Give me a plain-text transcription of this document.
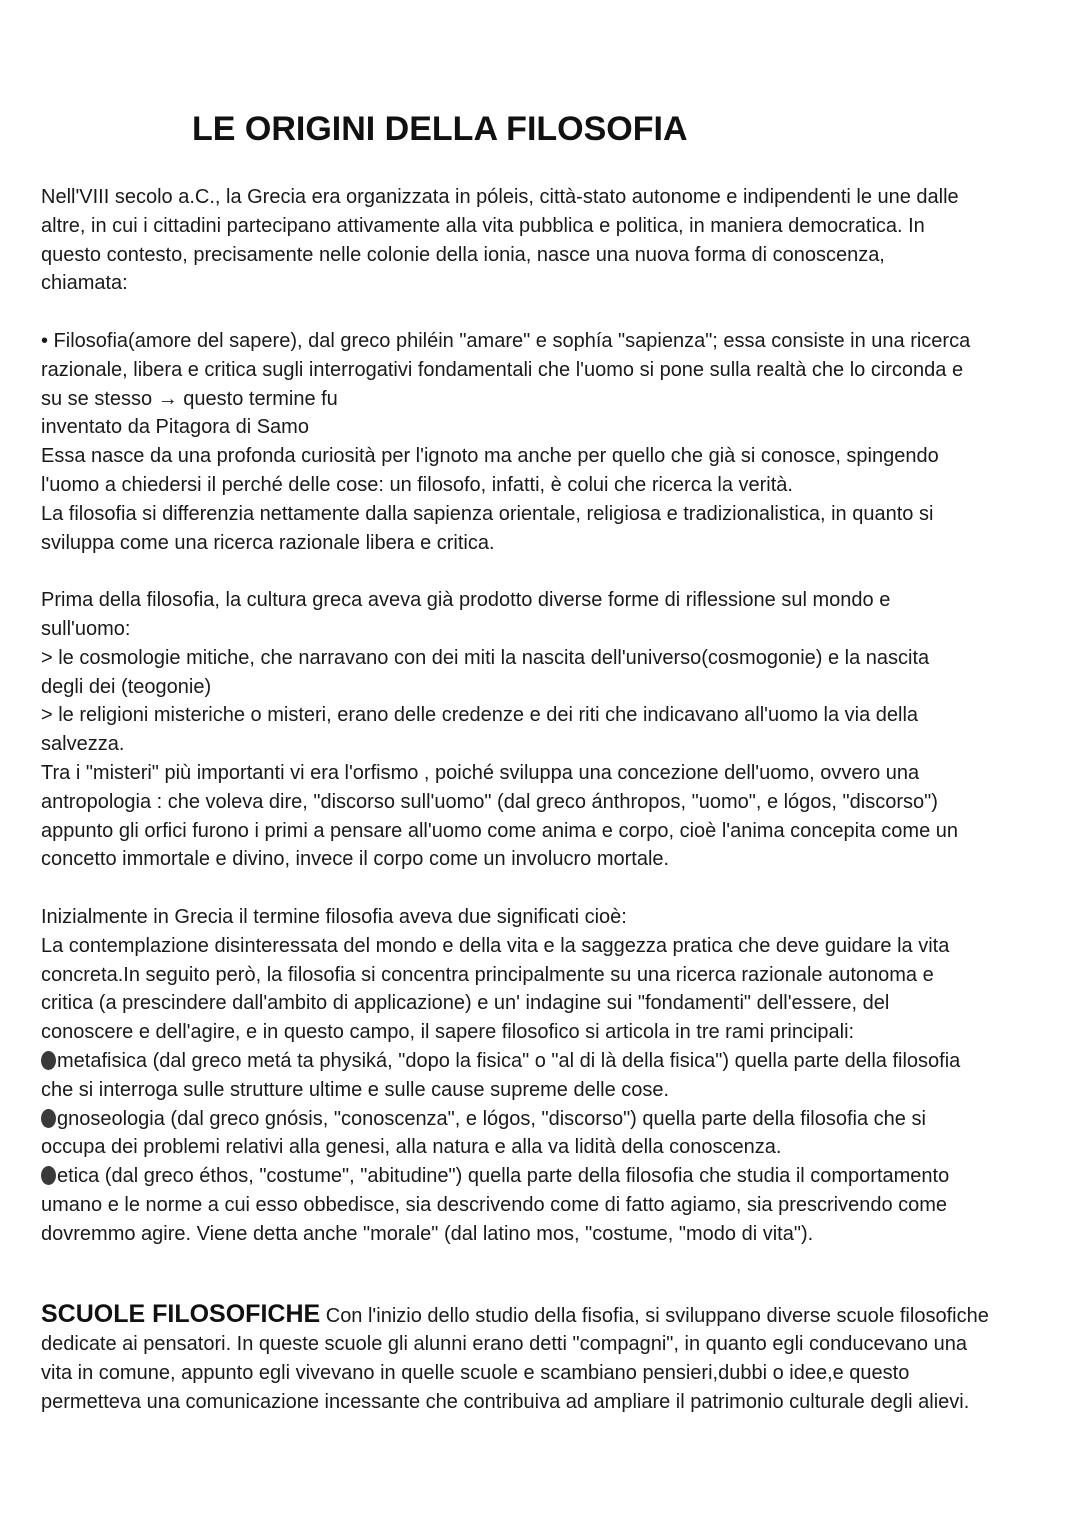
LE ORIGINI DELLA FILOSOFIA
Nell'VIII secolo a.C., la Grecia era organizzata in póleis, città-stato autonome e indipendenti le une dalle
altre, in cui i cittadini partecipano attivamente alla vita pubblica e politica, in maniera democratica. In
questo contesto, precisamente nelle colonie della ionia, nasce una nuova forma di conoscenza,
chiamata:
• Filosofia(amore del sapere), dal greco philéin "amare" e sophía "sapienza"; essa consiste in una ricerca
razionale, libera e critica sugli interrogativi fondamentali che l'uomo si pone sulla realtà che lo circonda e
su se stesso → questo termine fu
inventato da Pitagora di Samo
Essa nasce da una profonda curiosità per l'ignoto ma anche per quello che già si conosce, spingendo
l'uomo a chiedersi il perché delle cose: un filosofo, infatti, è colui che ricerca la verità.
La filosofia si differenzia nettamente dalla sapienza orientale, religiosa e tradizionalistica, in quanto si
sviluppa come una ricerca razionale libera e critica.
Prima della filosofia, la cultura greca aveva già prodotto diverse forme di riflessione sul mondo e
sull'uomo:
> le cosmologie mitiche, che narravano con dei miti la nascita dell'universo(cosmogonie) e la nascita
degli dei (teogonie)
> le religioni misteriche o misteri, erano delle credenze e dei riti che indicavano all'uomo la via della
salvezza.
Tra i "misteri" più importanti vi era l'orfismo , poiché sviluppa una concezione dell'uomo, ovvero una
antropologia : che voleva dire, "discorso sull'uomo" (dal greco ánthropos, "uomo", e lógos, "discorso")
appunto gli orfici furono i primi a pensare all'uomo come anima e corpo, cioè l'anima concepita come un
concetto immortale e divino, invece il corpo come un involucro mortale.
Inizialmente in Grecia il termine filosofia aveva due significati cioè:
La contemplazione disinteressata del mondo e della vita e la saggezza pratica che deve guidare la vita
concreta.In seguito però, la filosofia si concentra principalmente su una ricerca razionale autonoma e
critica (a prescindere dall'ambito di applicazione) e un' indagine sui "fondamenti" dell'essere, del
conoscere e dell'agire, e in questo campo, il sapere filosofico si articola in tre rami principali:
metafisica (dal greco metá ta physiká, "dopo la fisica" o "al di là della fisica") quella parte della filosofia
che si interroga sulle strutture ultime e sulle cause supreme delle cose.
gnoseologia (dal greco gnósis, "conoscenza", e lógos, "discorso") quella parte della filosofia che si
occupa dei problemi relativi alla genesi, alla natura e alla va lidità della conoscenza.
etica (dal greco éthos, "costume", "abitudine") quella parte della filosofia che studia il comportamento
umano e le norme a cui esso obbedisce, sia descrivendo come di fatto agiamo, sia prescrivendo come
dovremmo agire. Viene detta anche "morale" (dal latino mos, "costume, "modo di vita").
SCUOLE FILOSOFICHE Con l'inizio dello studio della fisofia, si sviluppano diverse scuole filosofiche
dedicate ai pensatori. In queste scuole gli alunni erano detti "compagni", in quanto egli conducevano una
vita in comune, appunto egli vivevano in quelle scuole e scambiano pensieri,dubbi o idee,e questo
permetteva una comunicazione incessante che contribuiva ad ampliare il patrimonio culturale degli alievi.
